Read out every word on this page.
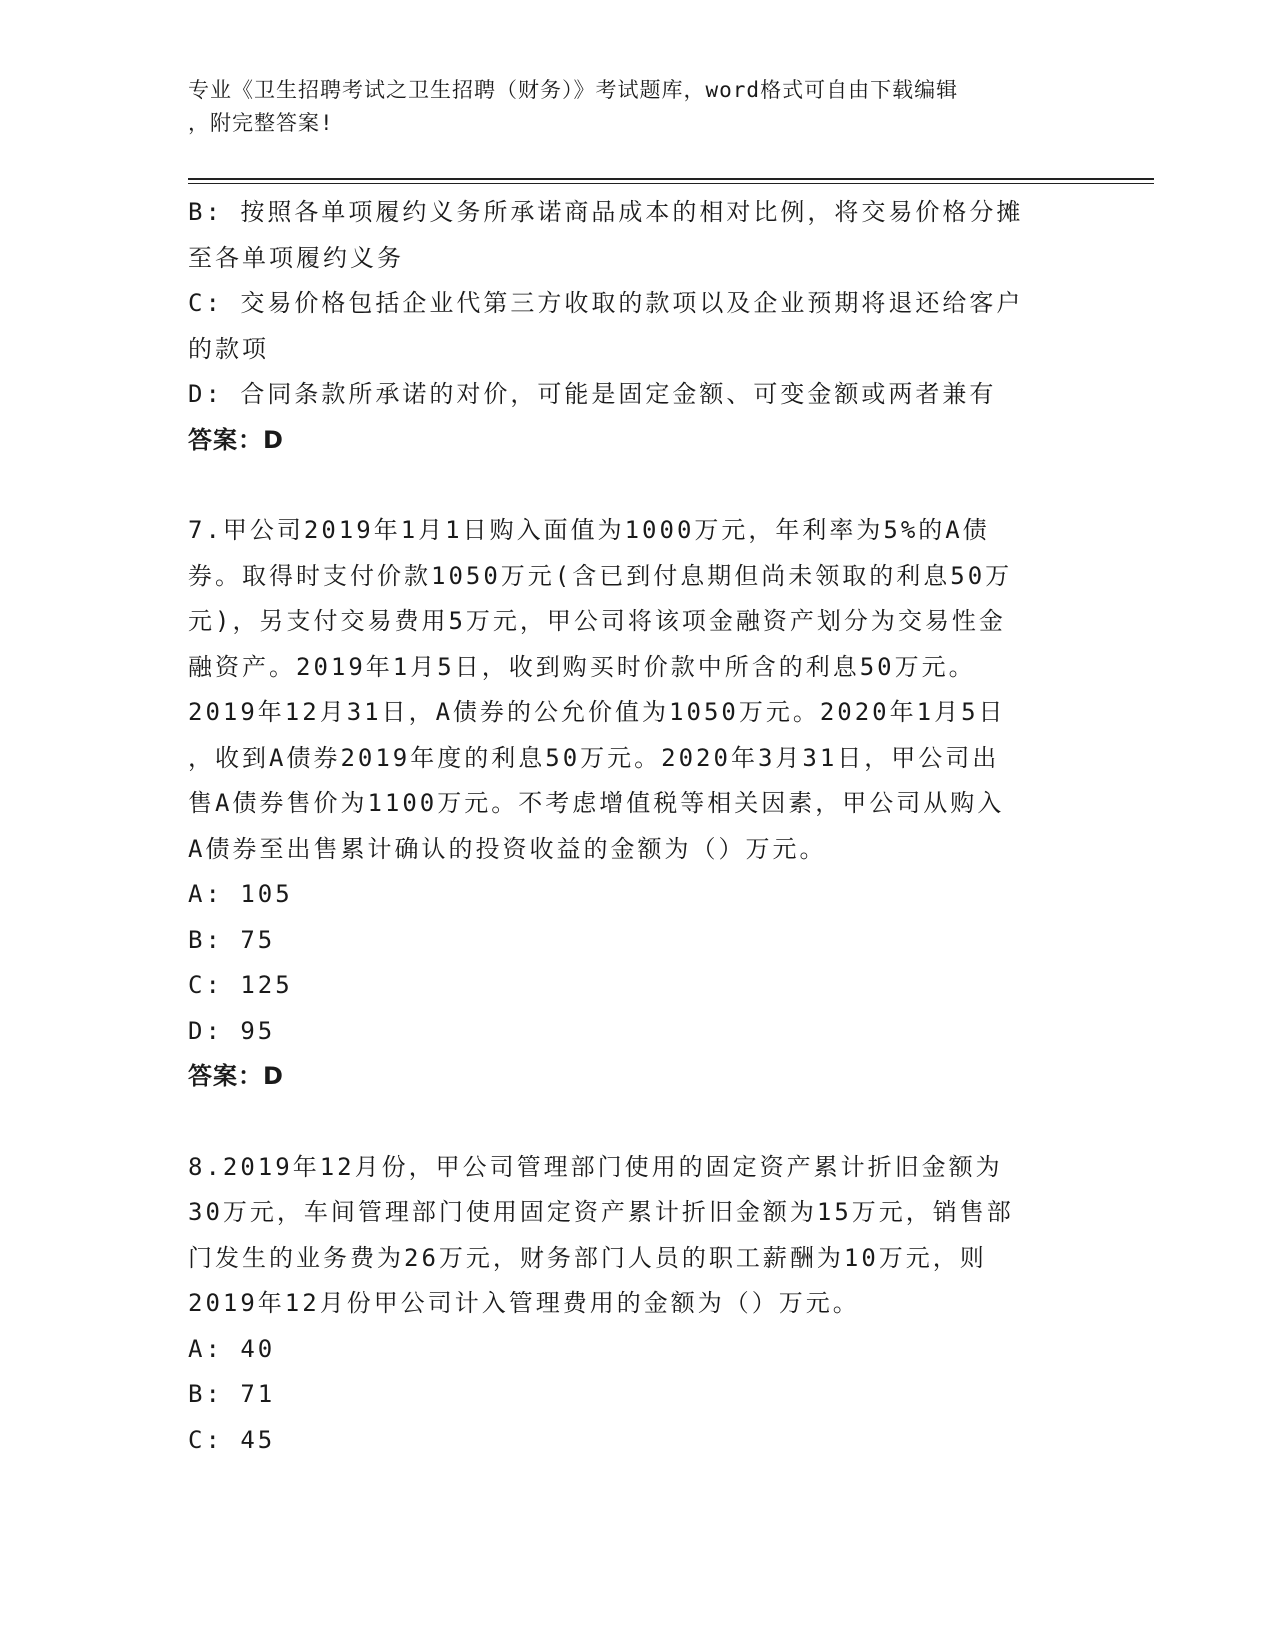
专业《卫生招聘考试之卫生招聘（财务）》考试题库，word格式可自由下载编辑
，附完整答案!

B: 按照各单项履约义务所承诺商品成本的相对比例，将交易价格分摊

至各单项履约义务

C: 交易价格包括企业代第三方收取的款项以及企业预期将退还给客户

的款项

D: 合同条款所承诺的对价，可能是固定金额、可变金额或两者兼有

答案：D

7.甲公司2019年1月1日购入面值为1000万元，年利率为5%的A债

券。取得时支付价款1050万元(含已到付息期但尚未领取的利息50万

元)，另支付交易费用5万元，甲公司将该项金融资产划分为交易性金

融资产。2019年1月5日，收到购买时价款中所含的利息50万元。

2019年12月31日，A债券的公允价值为1050万元。2020年1月5日

，收到A债券2019年度的利息50万元。2020年3月31日，甲公司出

售A债券售价为1100万元。不考虑增值税等相关因素，甲公司从购入

A债券至出售累计确认的投资收益的金额为（）万元。

A: 105

B: 75

C: 125

D: 95

答案：D

8.2019年12月份，甲公司管理部门使用的固定资产累计折旧金额为

30万元，车间管理部门使用固定资产累计折旧金额为15万元，销售部

门发生的业务费为26万元，财务部门人员的职工薪酬为10万元，则

2019年12月份甲公司计入管理费用的金额为（）万元。

A: 40

B: 71

C: 45
